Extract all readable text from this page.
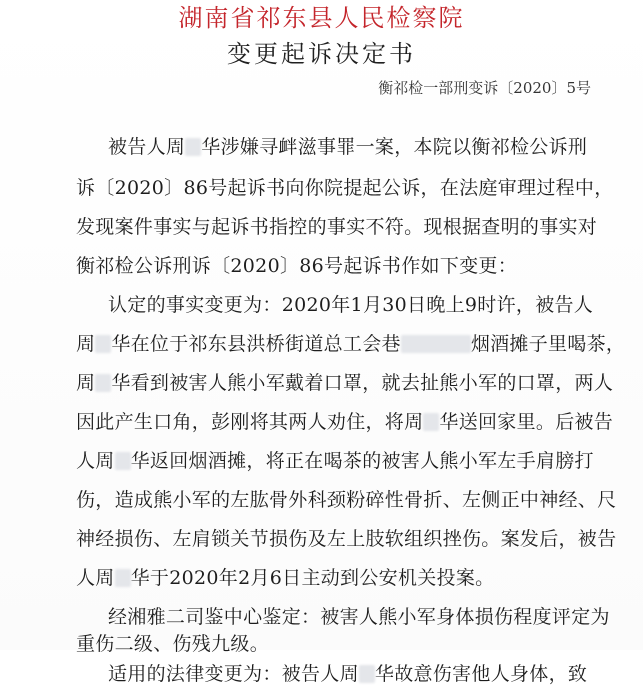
湖南省祁东县人民检察院
变更起诉决定书
衡祁检一部刑变诉〔2020〕5号
被告人周 华涉嫌寻衅滋事罪一案，本院以衡祁检公诉刑
诉〔2020〕86号起诉书向你院提起公诉，在法庭审理过程中，
发现案件事实与起诉书指控的事实不符。现根据查明的事实对
衡祁检公诉刑诉〔2020〕86号起诉书作如下变更：
认定的事实变更为：2020年1月30日晚上9时许，被告人
周 华在位于祁东县洪桥街道总工会巷	烟酒摊子里喝茶，
周 华看到被害人熊小军戴着口罩，就去扯熊小军的口罩，两人
因此产生口角，彭刚将其两人劝住，将周 华送回家里。后被告
人周 华返回烟酒摊，将正在喝茶的被害人熊小军左手肩膀打
伤，造成熊小军的左肱骨外科颈粉碎性骨折、左侧正中神经、尺
神经损伤、左肩锁关节损伤及左上肢软组织挫伤。案发后，被告
人周 华于2020年2月6日主动到公安机关投案。
经湘雅二司鉴中心鉴定：被害人熊小军身体损伤程度评定为
重伤二级、伤残九级。
适用的法律变更为：被告人周 华故意伤害他人身体，致
